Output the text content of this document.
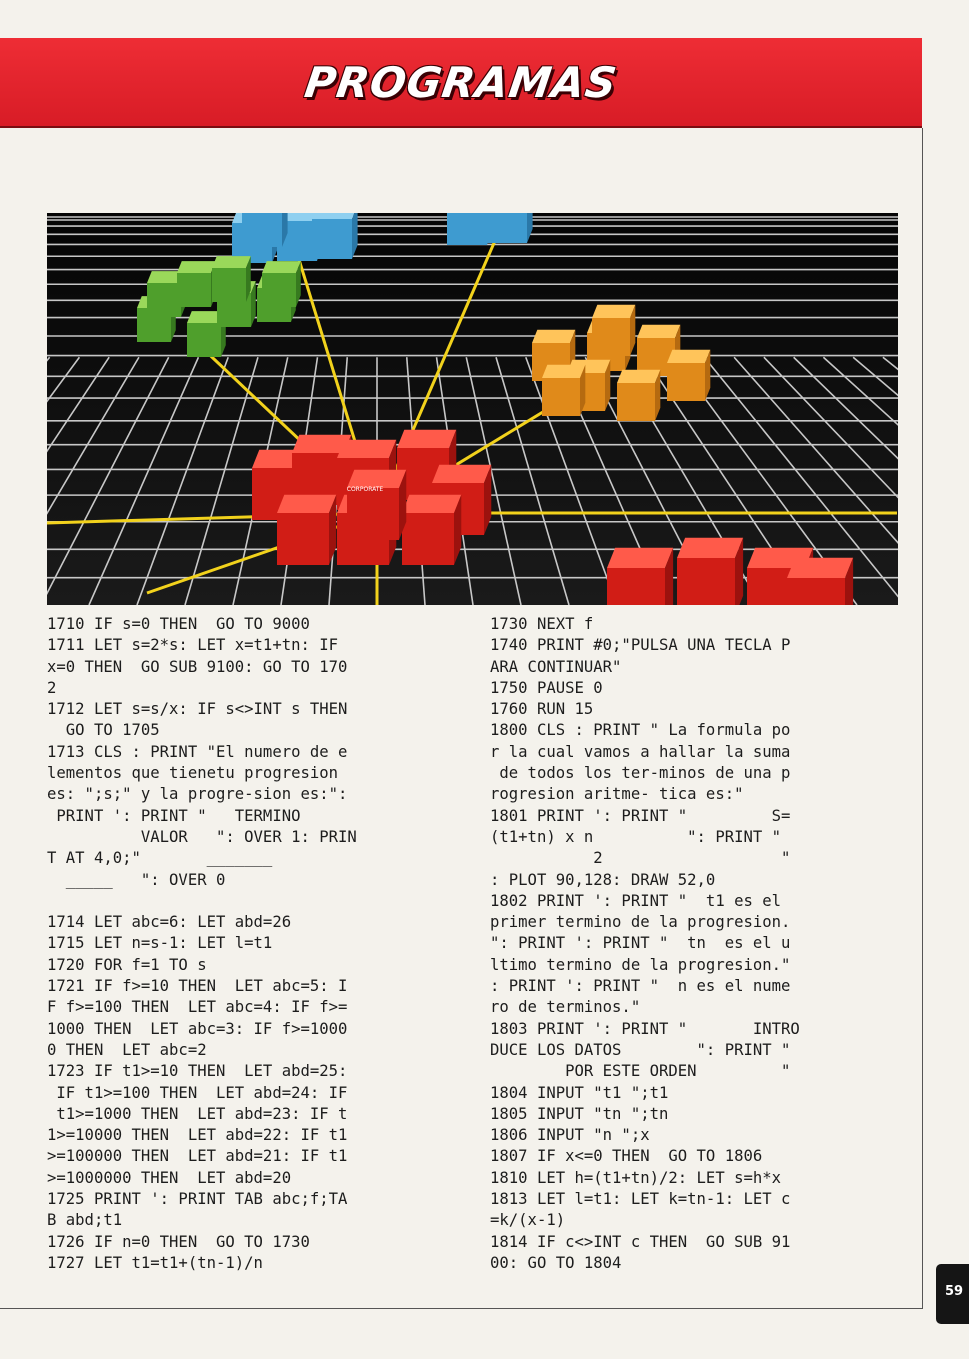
PROGRAMAS
CORPORATE
1710 IF s=0 THEN  GO TO 9000
1711 LET s=2*s: LET x=t1+tn: IF
x=0 THEN  GO SUB 9100: GO TO 170
2
1712 LET s=s/x: IF s<>INT s THEN
GO TO 1705
1713 CLS : PRINT "El numero de e
lementos que tienetu progresion
es: ";s;" y la progre-sion es:":
PRINT ': PRINT "   TERMINO
VALOR   ": OVER 1: PRIN
T AT 4,0;"       _______
_____   ": OVER 0

1714 LET abc=6: LET abd=26
1715 LET n=s-1: LET l=t1
1720 FOR f=1 TO s
1721 IF f>=10 THEN  LET abc=5: I
F f>=100 THEN  LET abc=4: IF f>=
1000 THEN  LET abc=3: IF f>=1000
0 THEN  LET abc=2
1723 IF t1>=10 THEN  LET abd=25:
IF t1>=100 THEN  LET abd=24: IF
t1>=1000 THEN  LET abd=23: IF t
1>=10000 THEN  LET abd=22: IF t1
>=100000 THEN  LET abd=21: IF t1
>=1000000 THEN  LET abd=20
1725 PRINT ': PRINT TAB abc;f;TA
B abd;t1
1726 IF n=0 THEN  GO TO 1730
1727 LET t1=t1+(tn-1)/n
1730 NEXT f
1740 PRINT #0;"PULSA UNA TECLA P
ARA CONTINUAR"
1750 PAUSE 0
1760 RUN 15
1800 CLS : PRINT " La formula po
r la cual vamos a hallar la suma
de todos los ter-minos de una p
rogresion aritme- tica es:"
1801 PRINT ': PRINT "         S=
(t1+tn) x n          ": PRINT "
2                   "
: PLOT 90,128: DRAW 52,0
1802 PRINT ': PRINT "  t1 es el
primer termino de la progresion.
": PRINT ': PRINT "  tn  es el u
ltimo termino de la progresion."
: PRINT ': PRINT "  n es el nume
ro de terminos."
1803 PRINT ': PRINT "       INTRO
DUCE LOS DATOS        ": PRINT "
POR ESTE ORDEN         "
1804 INPUT "t1 ";t1
1805 INPUT "tn ";tn
1806 INPUT "n ";x
1807 IF x<=0 THEN  GO TO 1806
1810 LET h=(t1+tn)/2: LET s=h*x
1813 LET l=t1: LET k=tn-1: LET c
=k/(x-1)
1814 IF c<>INT c THEN  GO SUB 91
00: GO TO 1804
59
